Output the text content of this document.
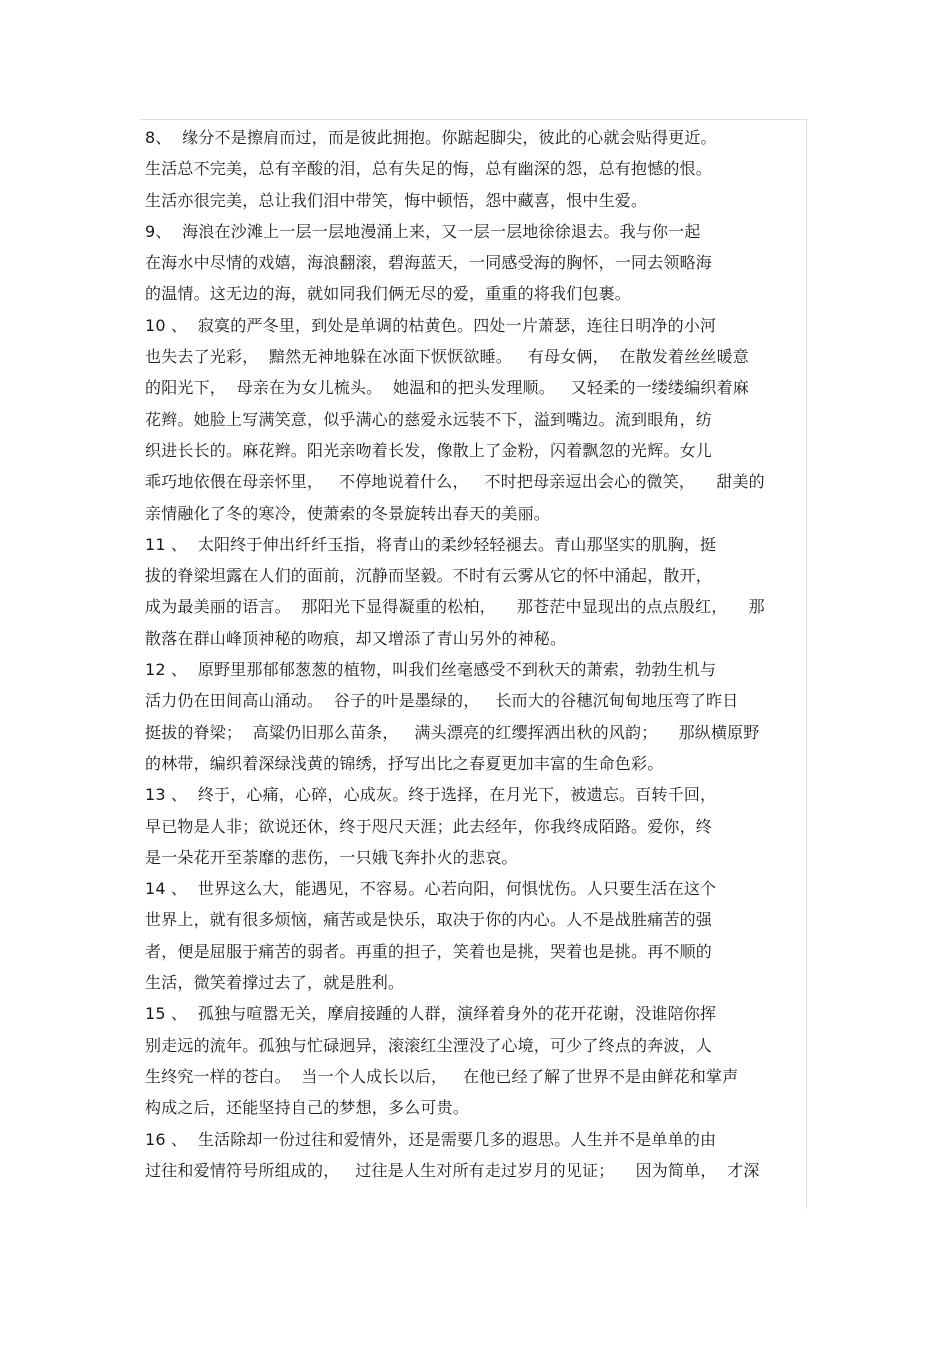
8、  缘分不是擦肩而过，而是彼此拥抱。你踮起脚尖，彼此的心就会贴得更近。
生活总不完美，总有辛酸的泪，总有失足的悔，总有幽深的怨，总有抱憾的恨。
生活亦很完美，总让我们泪中带笑，悔中顿悟，怨中藏喜，恨中生爱。
9、  海浪在沙滩上一层一层地漫涌上来，又一层一层地徐徐退去。我与你一起
在海水中尽情的戏嬉，海浪翻滚，碧海蓝天，一同感受海的胸怀，一同去领略海
的温情。这无边的海，就如同我们俩无尽的爱，重重的将我们包裹。
10 、  寂寞的严冬里，到处是单调的枯黄色。四处一片萧瑟，连往日明净的小河
也失去了光彩，  黯然无神地躲在冰面下恹恹欲睡。   有母女俩，  在散发着丝丝暖意
的阳光下，  母亲在为女儿梳头。  她温和的把头发理顺。   又轻柔的一缕缕编织着麻
花辫。她脸上写满笑意，似乎满心的慈爱永远装不下，溢到嘴边。流到眼角，纺
织进长长的。麻花辫。阳光亲吻着长发，像散上了金粉，闪着飘忽的光辉。女儿
乖巧地依偎在母亲怀里，   不停地说着什么，   不时把母亲逗出会心的微笑，    甜美的
亲情融化了冬的寒冷，使萧索的冬景旋转出春天的美丽。
11 、  太阳终于伸出纤纤玉指，将青山的柔纱轻轻褪去。青山那坚实的肌胸，挺
拔的脊梁坦露在人们的面前，沉静而坚毅。不时有云雾从它的怀中涌起，散开，
成为最美丽的语言。  那阳光下显得凝重的松柏，    那苍茫中显现出的点点殷红，    那
散落在群山峰顶神秘的吻痕，却又增添了青山另外的神秘。
12 、  原野里那郁郁葱葱的植物，叫我们丝毫感受不到秋天的萧索，勃勃生机与
活力仍在田间高山涌动。  谷子的叶是墨绿的，   长而大的谷穗沉甸甸地压弯了昨日
挺拔的脊梁；  高粱仍旧那么苗条，   满头漂亮的红缨挥洒出秋的风韵；    那纵横原野
的林带，编织着深绿浅黄的锦绣，抒写出比之春夏更加丰富的生命色彩。
13 、  终于，心痛，心碎，心成灰。终于选择，在月光下，被遗忘。百转千回，
早已物是人非；欲说还休，终于咫尺天涯；此去经年，你我终成陌路。爱你，终
是一朵花开至荼靡的悲伤，一只娥飞奔扑火的悲哀。
14 、  世界这么大，能遇见，不容易。心若向阳，何惧忧伤。人只要生活在这个
世界上，就有很多烦恼，痛苦或是快乐，取决于你的内心。人不是战胜痛苦的强
者，便是屈服于痛苦的弱者。再重的担子，笑着也是挑，哭着也是挑。再不顺的
生活，微笑着撑过去了，就是胜利。
15 、  孤独与喧嚣无关，摩肩接踵的人群，演绎着身外的花开花谢，没谁陪你挥
别走远的流年。孤独与忙碌迥异，滚滚红尘湮没了心境，可少了终点的奔波，人
生终究一样的苍白。  当一个人成长以后，   在他已经了解了世界不是由鲜花和掌声
构成之后，还能坚持自己的梦想，多么可贵。
16 、  生活除却一份过往和爱情外，还是需要几多的遐思。人生并不是单单的由
过往和爱情符号所组成的，   过往是人生对所有走过岁月的见证；    因为简单，  才深
